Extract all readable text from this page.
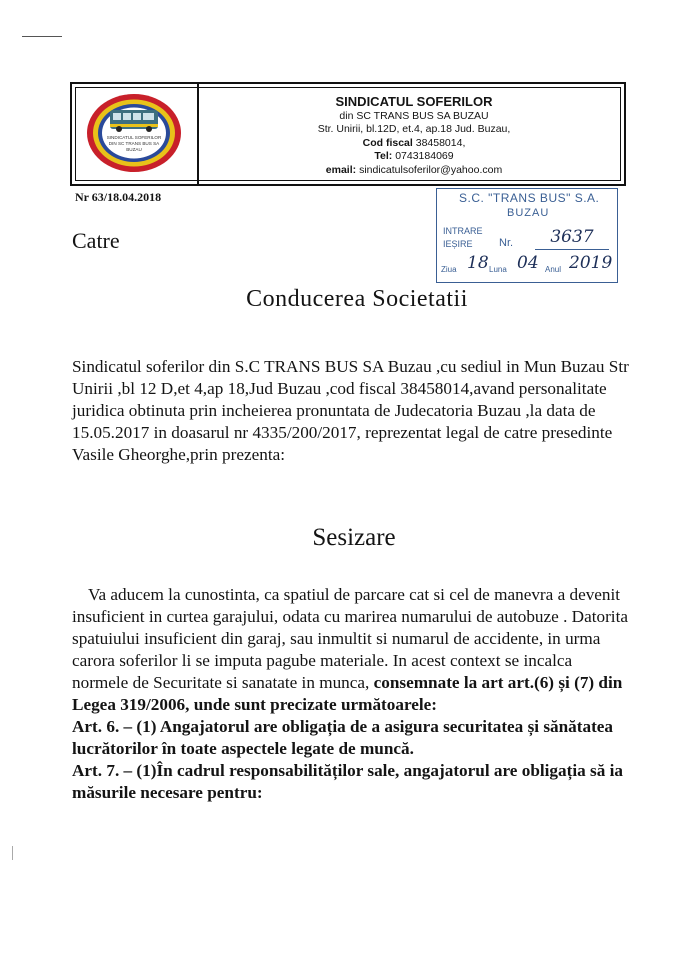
SINDICATUL SOFERILOR
DIN SC TRANS BUS SA
BUZAU
SINDICATUL SOFERILOR
din SC TRANS BUS SA BUZAU
Str. Unirii, bl.12D, et.4, ap.18 Jud. Buzau,
Cod fiscal 38458014,
Tel: 0743184069
email: sindicatulsoferilor@yahoo.com
Nr 63/18.04.2018	S.C. "TRANS BUS" S.A.
BUZAU
INTRARE
IEȘIRE	Nr.	3637
Ziua 18 Luna 04 Anul 2019
Catre
Conducerea Societatii
Sindicatul soferilor din S.C TRANS BUS SA Buzau ,cu sediul in Mun Buzau Str Unirii ,bl 12 D,et 4,ap 18,Jud Buzau ,cod fiscal 38458014,avand personalitate juridica obtinuta prin incheierea pronuntata de Judecatoria Buzau ,la data de 15.05.2017 in doasarul nr 4335/200/2017, reprezentat legal de catre presedinte Vasile Gheorghe,prin prezenta:
Sesizare

Va aducem la cunostinta, ca spatiul de parcare cat si cel de manevra a devenit insuficient in curtea garajului, odata cu marirea numarului de autobuze . Datorita spatuiului insuficient din garaj, sau inmultit si numarul de accidente, in urma carora soferilor li se imputa pagube materiale. In acest context se incalca normele de Securitate si sanatate in munca, consemnate la art art.(6) și (7) din Legea 319/2006, unde sunt precizate următoarele:

Art. 6. – (1) Angajatorul are obligația de a asigura securitatea și sănătatea lucrătorilor în toate aspectele legate de muncă.

Art. 7. – (1)În cadrul responsabilităților sale, angajatorul are obligația să ia măsurile necesare pentru:
